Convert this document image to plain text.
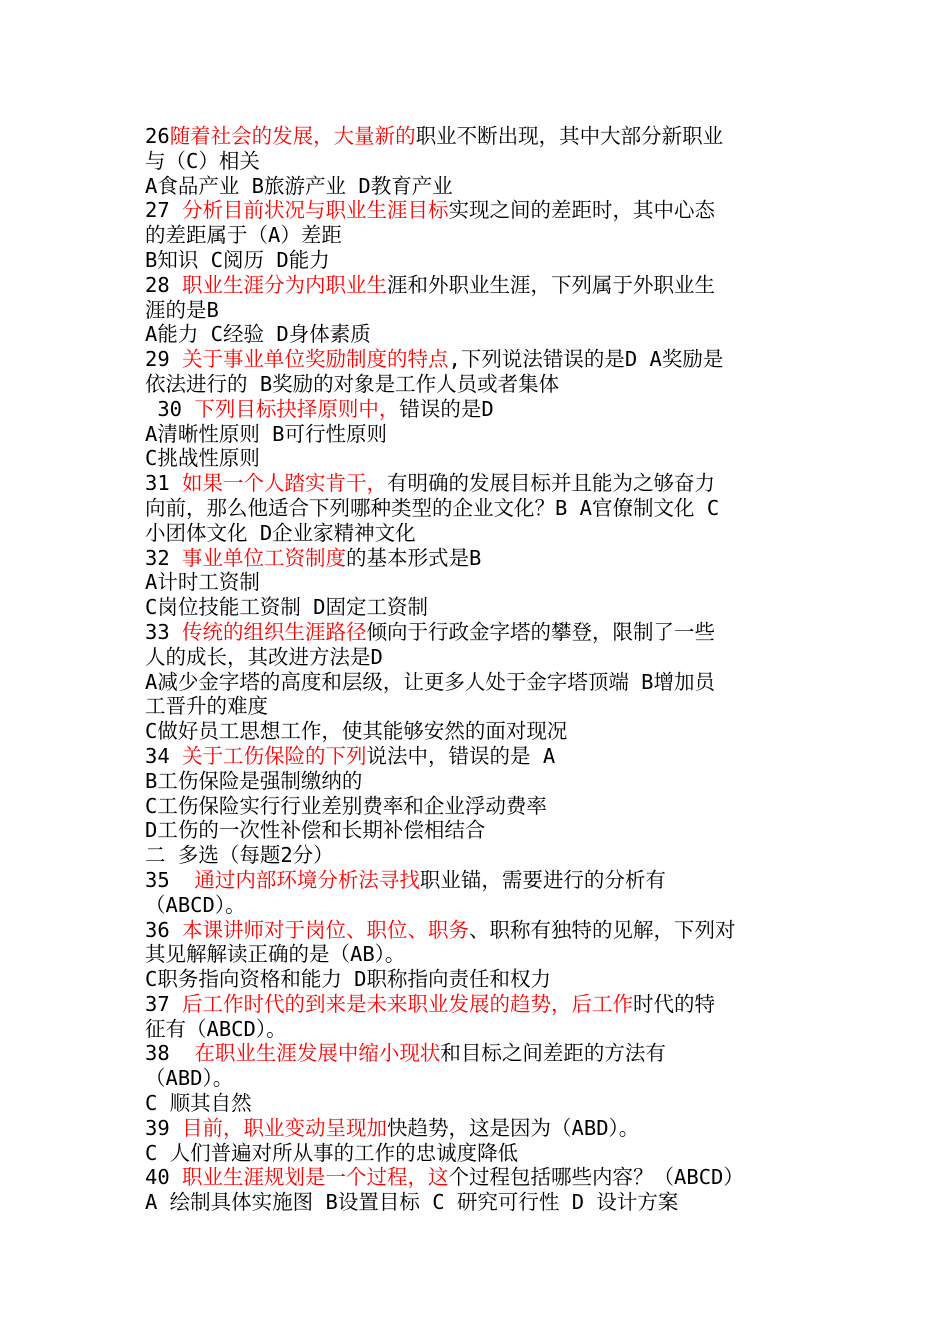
26随着社会的发展，大量新的职业不断出现，其中大部分新职业
与（C）相关
A食品产业 B旅游产业 D教育产业
27 分析目前状况与职业生涯目标实现之间的差距时，其中心态
的差距属于（A）差距
B知识 C阅历 D能力
28 职业生涯分为内职业生涯和外职业生涯，下列属于外职业生
涯的是B
A能力 C经验 D身体素质
29 关于事业单位奖励制度的特点,下列说法错误的是D A奖励是
依法进行的 B奖励的对象是工作人员或者集体
30 下列目标抉择原则中，错误的是D
A清晰性原则 B可行性原则
C挑战性原则
31 如果一个人踏实肯干，有明确的发展目标并且能为之够奋力
向前，那么他适合下列哪种类型的企业文化？B A官僚制文化 C
小团体文化 D企业家精神文化
32 事业单位工资制度的基本形式是B
A计时工资制
C岗位技能工资制 D固定工资制
33 传统的组织生涯路径倾向于行政金字塔的攀登，限制了一些
人的成长，其改进方法是D
A减少金字塔的高度和层级，让更多人处于金字塔顶端 B增加员
工晋升的难度
C做好员工思想工作，使其能够安然的面对现况
34 关于工伤保险的下列说法中，错误的是 A
B工伤保险是强制缴纳的
C工伤保险实行行业差别费率和企业浮动费率
D工伤的一次性补偿和长期补偿相结合
二 多选（每题2分）
35  通过内部环境分析法寻找职业锚，需要进行的分析有
（ABCD）。
36 本课讲师对于岗位、职位、职务、职称有独特的见解，下列对
其见解解读正确的是（AB）。
C职务指向资格和能力 D职称指向责任和权力
37 后工作时代的到来是未来职业发展的趋势，后工作时代的特
征有（ABCD）。
38  在职业生涯发展中缩小现状和目标之间差距的方法有
（ABD）。
C 顺其自然
39 目前，职业变动呈现加快趋势，这是因为（ABD）。
C 人们普遍对所从事的工作的忠诚度降低
40 职业生涯规划是一个过程，这个过程包括哪些内容？（ABCD）
A 绘制具体实施图 B设置目标 C 研究可行性 D 设计方案
